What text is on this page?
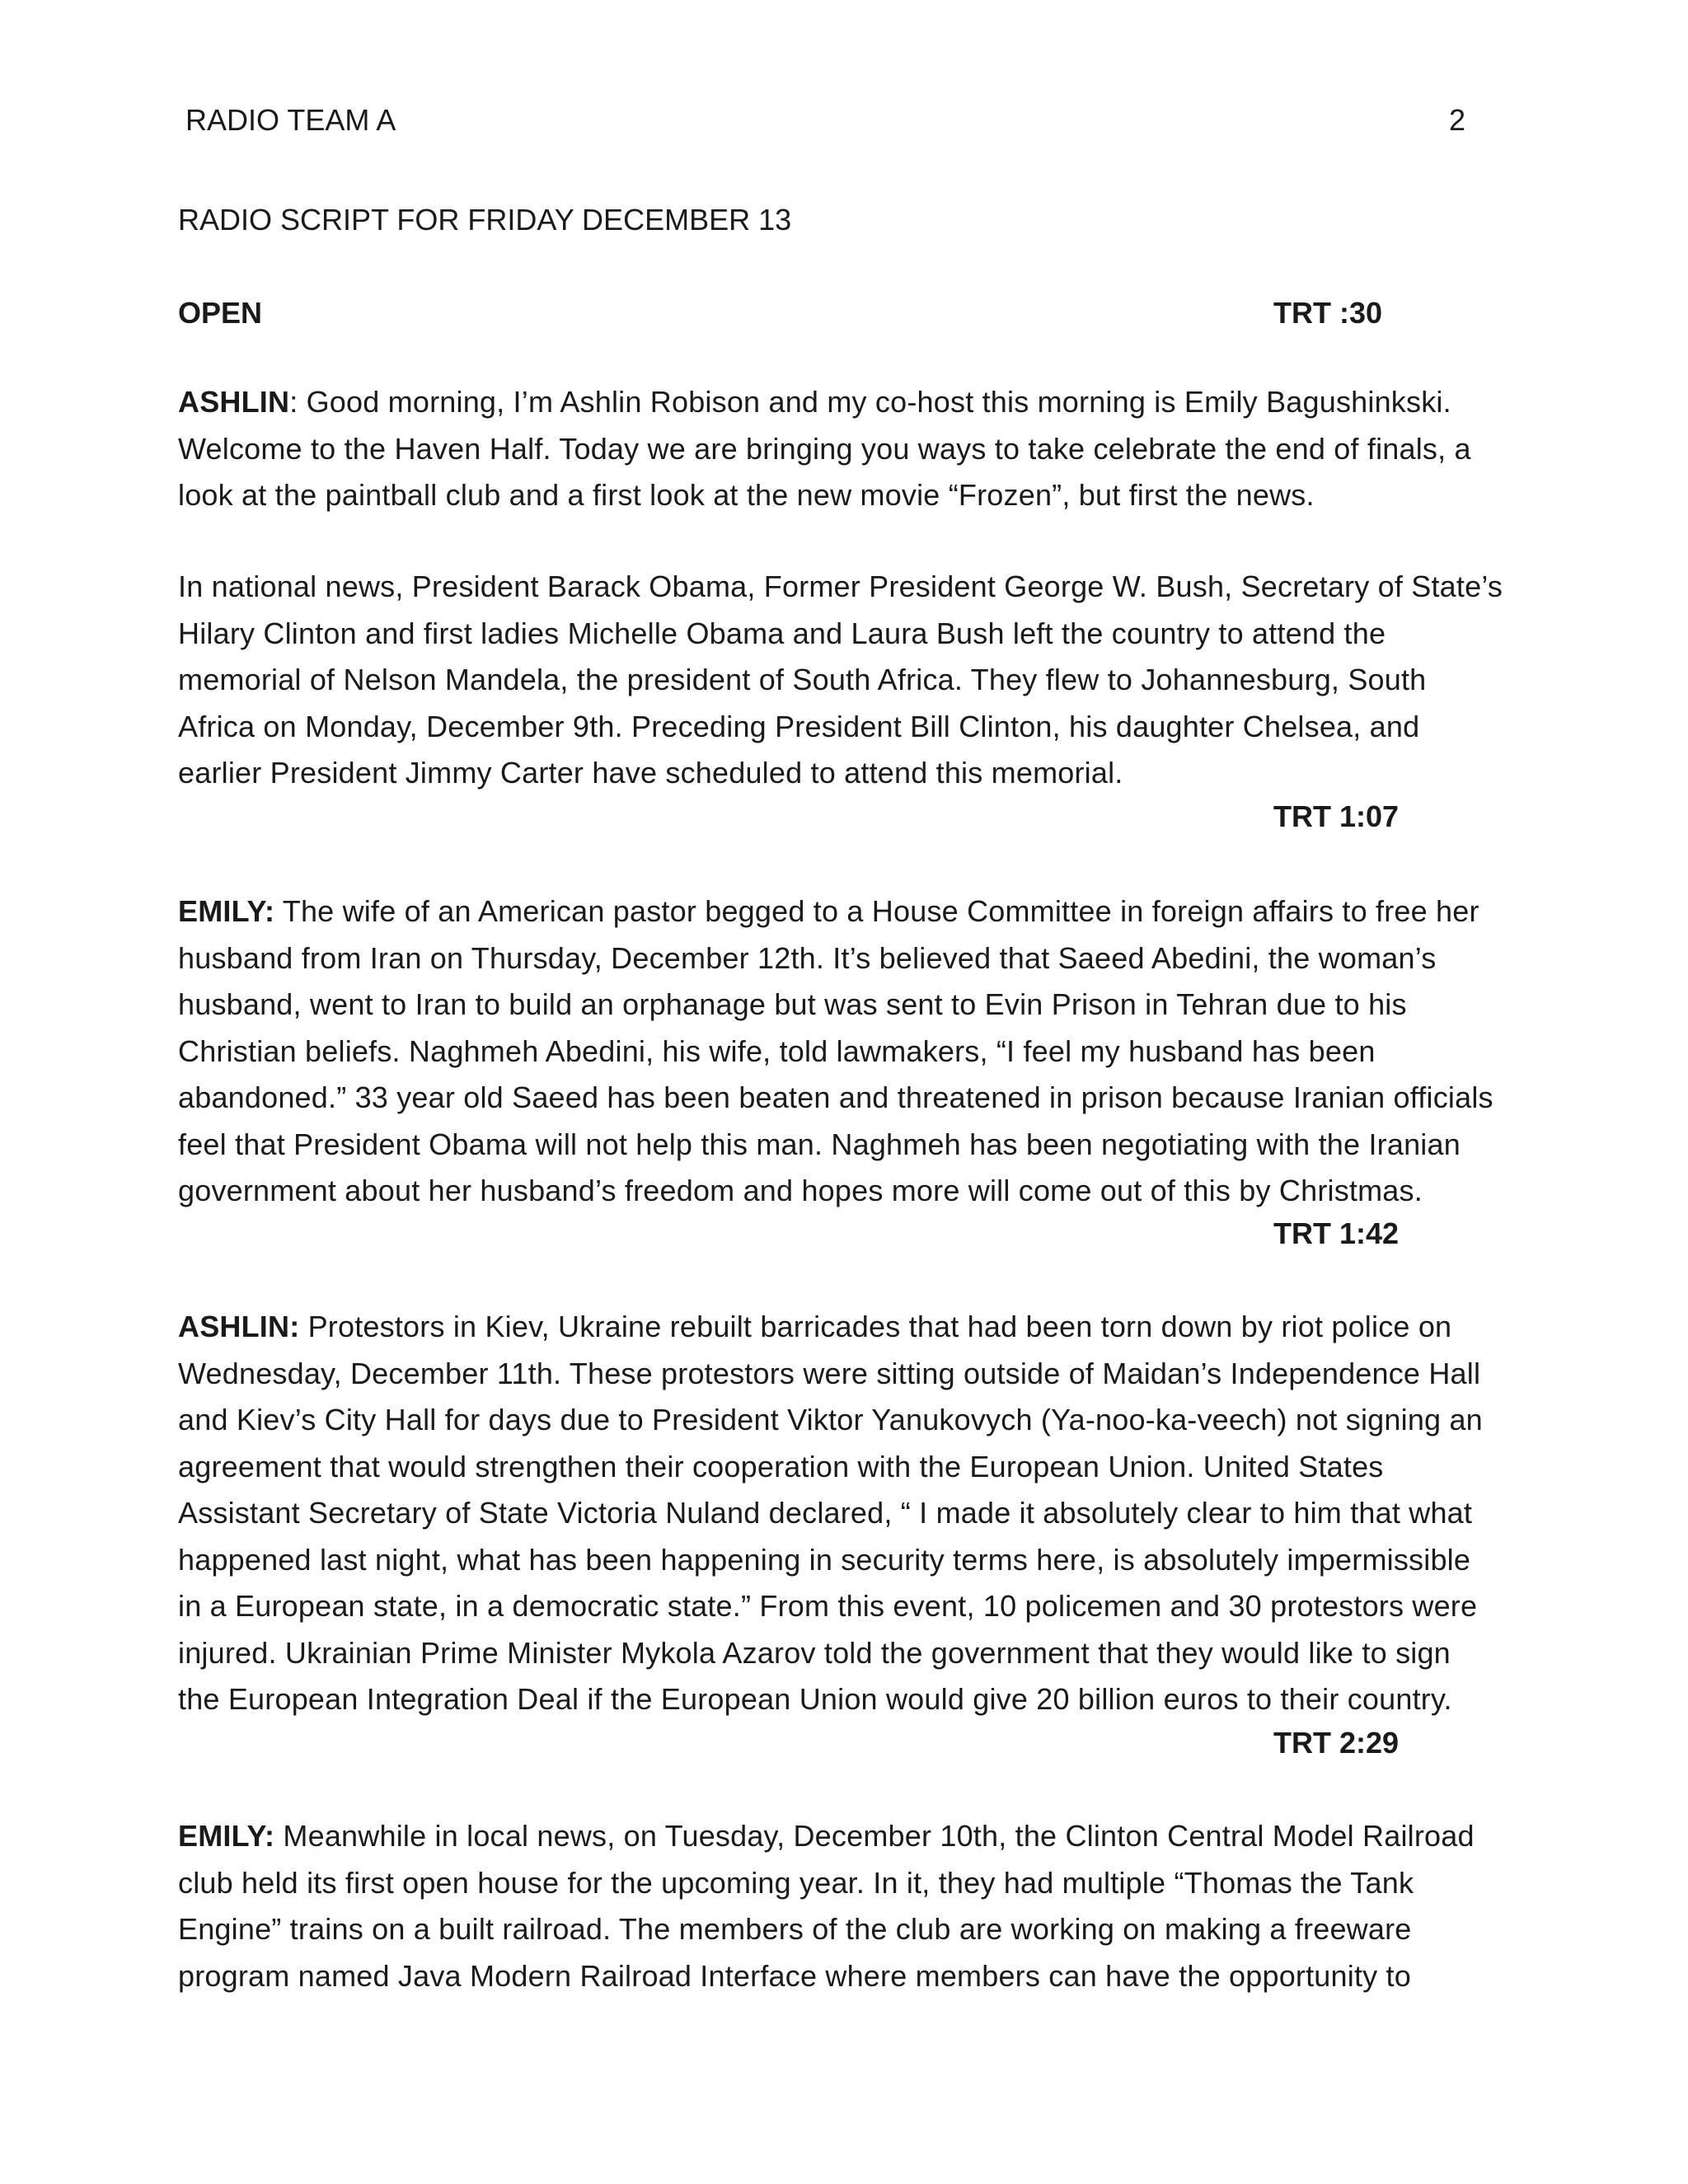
RADIO TEAM A	2
RADIO SCRIPT FOR FRIDAY DECEMBER 13
OPEN	TRT :30
ASHLIN: Good morning, I’m Ashlin Robison and my co-host this morning is Emily Bagushinkski.
Welcome to the Haven Half. Today we are bringing you ways to take celebrate the end of finals, a
look at the paintball club and a first look at the new movie “Frozen”, but first the news.
In national news, President Barack Obama, Former President George W. Bush, Secretary of State’s
Hilary Clinton and first ladies Michelle Obama and Laura Bush left the country to attend the
memorial of Nelson Mandela, the president of South Africa. They flew to Johannesburg, South
Africa on Monday, December 9th. Preceding President Bill Clinton, his daughter Chelsea, and
earlier President Jimmy Carter have scheduled to attend this memorial.
TRT 1:07
EMILY: The wife of an American pastor begged to a House Committee in foreign affairs to free her
husband from Iran on Thursday, December 12th. It’s believed that Saeed Abedini, the woman’s
husband, went to Iran to build an orphanage but was sent to Evin Prison in Tehran due to his
Christian beliefs. Naghmeh Abedini, his wife, told lawmakers, “I feel my husband has been
abandoned.” 33 year old Saeed has been beaten and threatened in prison because Iranian officials
feel that President Obama will not help this man. Naghmeh has been negotiating with the Iranian
government about her husband’s freedom and hopes more will come out of this by Christmas.
TRT 1:42
ASHLIN: Protestors in Kiev, Ukraine rebuilt barricades that had been torn down by riot police on
Wednesday, December 11th. These protestors were sitting outside of Maidan’s Independence Hall
and Kiev’s City Hall for days due to President Viktor Yanukovych (Ya-noo-ka-veech) not signing an
agreement that would strengthen their cooperation with the European Union. United States
Assistant Secretary of State Victoria Nuland declared, “ I made it absolutely clear to him that what
happened last night, what has been happening in security terms here, is absolutely impermissible
in a European state, in a democratic state.” From this event, 10 policemen and 30 protestors were
injured. Ukrainian Prime Minister Mykola Azarov told the government that they would like to sign
the European Integration Deal if the European Union would give 20 billion euros to their country.
TRT 2:29
EMILY: Meanwhile in local news, on Tuesday, December 10th, the Clinton Central Model Railroad
club held its first open house for the upcoming year. In it, they had multiple “Thomas the Tank
Engine” trains on a built railroad. The members of the club are working on making a freeware
program named Java Modern Railroad Interface where members can have the opportunity to
